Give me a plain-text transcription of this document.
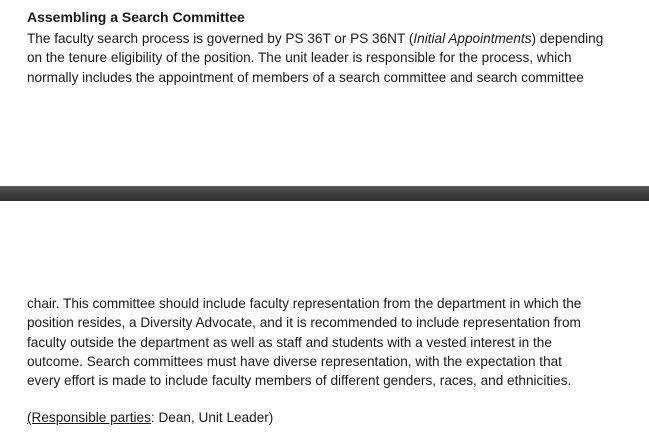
Assembling a Search Committee
The faculty search process is governed by PS 36T or PS 36NT (Initial Appointments) depending
on the tenure eligibility of the position. The unit leader is responsible for the process, which
normally includes the appointment of members of a search committee and search committee
chair. This committee should include faculty representation from the department in which the
position resides, a Diversity Advocate, and it is recommended to include representation from
faculty outside the department as well as staff and students with a vested interest in the
outcome. Search committees must have diverse representation, with the expectation that
every effort is made to include faculty members of different genders, races, and ethnicities.
(Responsible parties: Dean, Unit Leader)
